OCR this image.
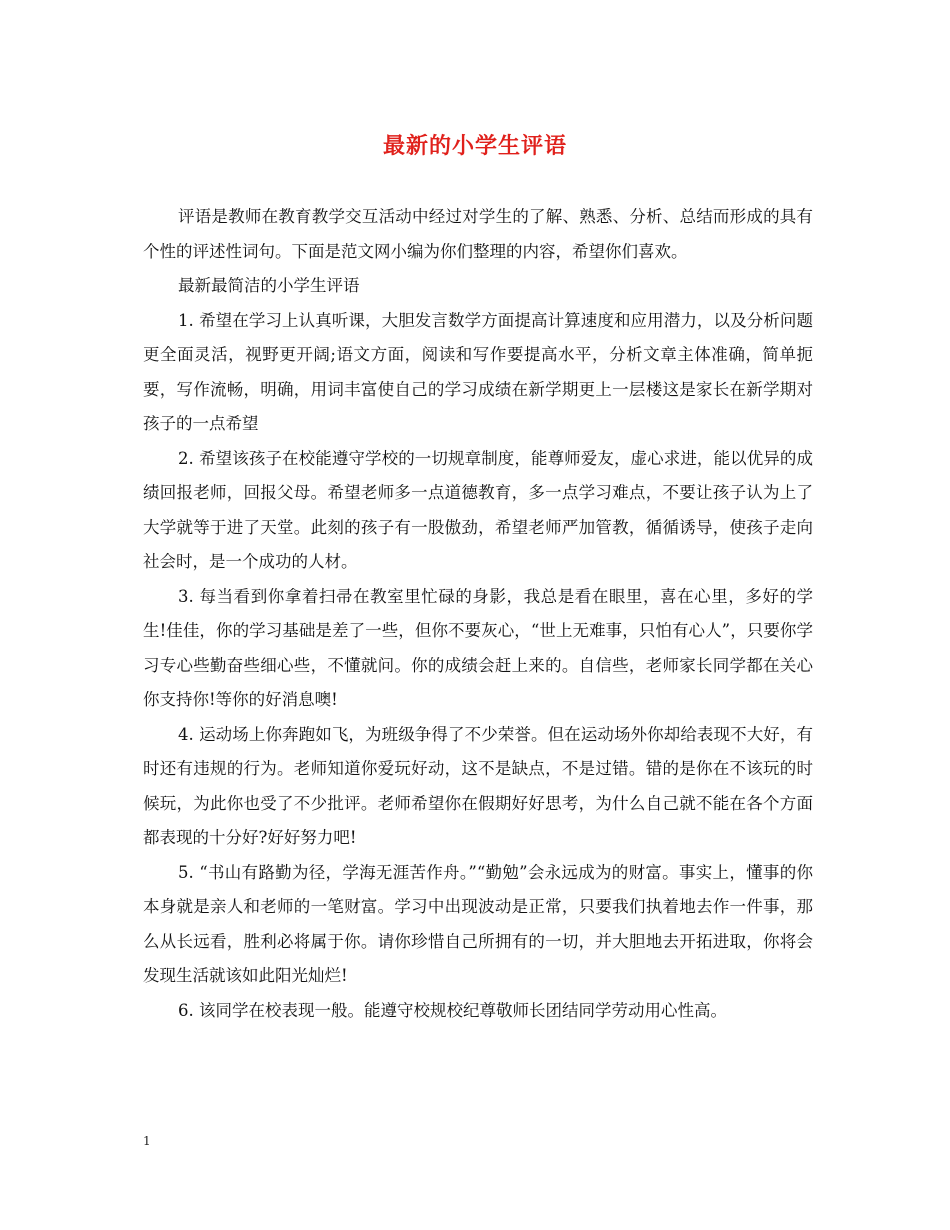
最新的小学生评语

评语是教师在教育教学交互活动中经过对学生的了解、熟悉、分析、总结而形成的具有个性的评述性词句。下面是范文网小编为你们整理的内容，希望你们喜欢。

最新最简洁的小学生评语

1. 希望在学习上认真听课，大胆发言数学方面提高计算速度和应用潜力，以及分析问题更全面灵活，视野更开阔;语文方面，阅读和写作要提高水平，分析文章主体准确，简单扼要，写作流畅，明确，用词丰富使自己的学习成绩在新学期更上一层楼这是家长在新学期对孩子的一点希望

2. 希望该孩子在校能遵守学校的一切规章制度，能尊师爱友，虚心求进，能以优异的成绩回报老师，回报父母。希望老师多一点道德教育，多一点学习难点，不要让孩子认为上了大学就等于进了天堂。此刻的孩子有一股傲劲，希望老师严加管教，循循诱导，使孩子走向社会时，是一个成功的人材。

3. 每当看到你拿着扫帚在教室里忙碌的身影，我总是看在眼里，喜在心里，多好的学生!佳佳，你的学习基础是差了一些，但你不要灰心，“世上无难事，只怕有心人”，只要你学习专心些勤奋些细心些，不懂就问。你的成绩会赶上来的。自信些，老师家长同学都在关心你支持你!等你的好消息噢!

4. 运动场上你奔跑如飞，为班级争得了不少荣誉。但在运动场外你却给表现不大好，有时还有违规的行为。老师知道你爱玩好动，这不是缺点，不是过错。错的是你在不该玩的时候玩，为此你也受了不少批评。老师希望你在假期好好思考，为什么自己就不能在各个方面都表现的十分好?好好努力吧!

5. “书山有路勤为径，学海无涯苦作舟。”“勤勉”会永远成为的财富。事实上，懂事的你本身就是亲人和老师的一笔财富。学习中出现波动是正常，只要我们执着地去作一件事，那么从长远看，胜利必将属于你。请你珍惜自己所拥有的一切，并大胆地去开拓进取，你将会发现生活就该如此阳光灿烂!

6. 该同学在校表现一般。能遵守校规校纪尊敬师长团结同学劳动用心性高。

1
